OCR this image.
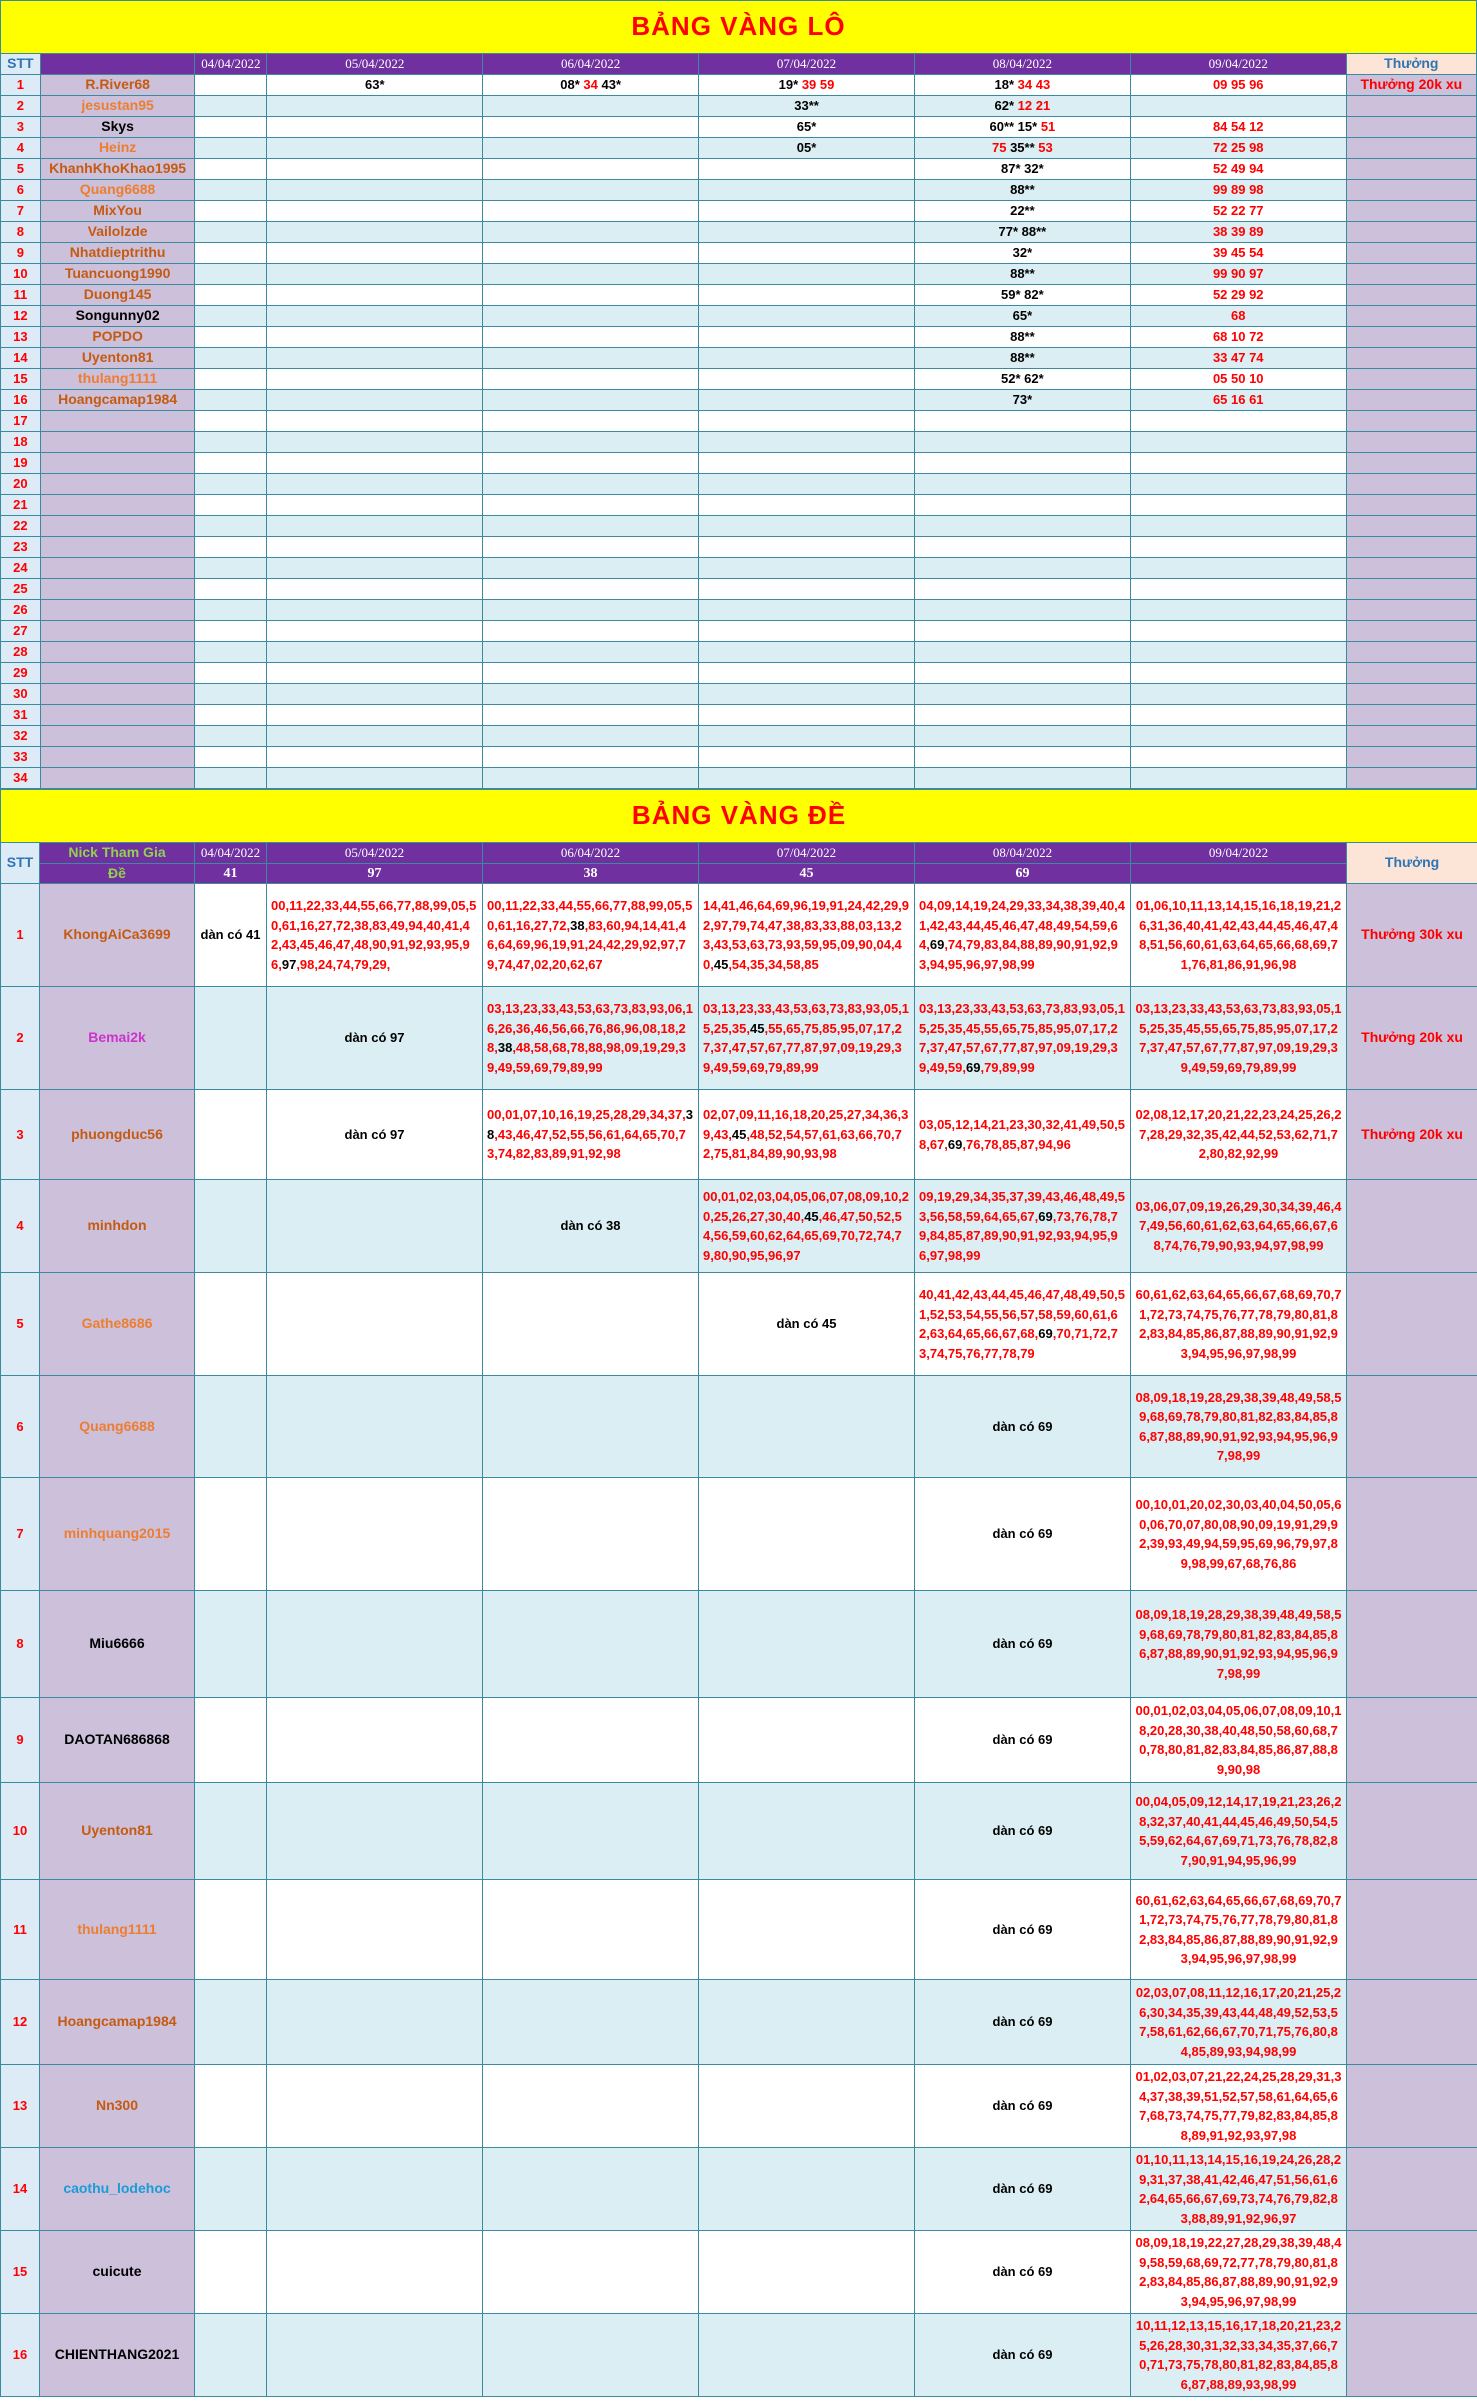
BẢNG VÀNG LÔ								
STT		04/04/2022	05/04/2022	06/04/2022	07/04/2022	08/04/2022	09/04/2022	Thưởng
1	R.River68		63*	08* 34 43*	19* 39 59	18* 34 43	09 95 96	Thưởng 20k xu
2	jesustan95				33**	62* 12 21		
3	Skys				65*	60** 15* 51	84 54 12	
4	Heinz				05*	75 35** 53	72 25 98	
5	KhanhKhoKhao1995					87* 32*	52 49 94	
6	Quang6688					88**	99 89 98	
7	MixYou					22**	52 22 77	
8	Vailolzde					77* 88**	38 39 89	
9	Nhatdieptrithu					32*	39 45 54	
10	Tuancuong1990					88**	99 90 97	
11	Duong145					59* 82*	52 29 92	
12	Songunny02					65*	68	
13	POPDO					88**	68 10 72	
14	Uyenton81					88**	33 47 74	
15	thulang1111					52* 62*	05 50 10	
16	Hoangcamap1984					73*	65 16 61	
17								
18								
19								
20								
21								
22								
23								
24								
25								
26								
27								
28								
29								
30								
31								
32								
33								
34								
BẢNG VÀNG ĐỀ								
STT	Nick Tham Gia	04/04/2022	05/04/2022	06/04/2022	07/04/2022	08/04/2022	09/04/2022	Thưởng
	Đề	41	97	38	45	69		
1	KhongAiCa3699	dàn có 41	00,11,22,33,44,55,66,77,88,99,05,50,61,16,27,72,38,83,49,94,40,41,42,43,45,46,47,48,90,91,92,93,95,96,97,98,24,74,79,29,	00,11,22,33,44,55,66,77,88,99,05,50,61,16,27,72,38,83,60,94,14,41,46,64,69,96,19,91,24,42,29,92,97,79,74,47,02,20,62,67	14,41,46,64,69,96,19,91,24,42,29,92,97,79,74,47,38,83,33,88,03,13,23,43,53,63,73,93,59,95,09,90,04,40,45,54,35,34,58,85	04,09,14,19,24,29,33,34,38,39,40,41,42,43,44,45,46,47,48,49,54,59,64,69,74,79,83,84,88,89,90,91,92,93,94,95,96,97,98,99	01,06,10,11,13,14,15,16,18,19,21,26,31,36,40,41,42,43,44,45,46,47,48,51,56,60,61,63,64,65,66,68,69,71,76,81,86,91,96,98	Thưởng 30k xu
2	Bemai2k		dàn có 97	03,13,23,33,43,53,63,73,83,93,06,16,26,36,46,56,66,76,86,96,08,18,28,38,48,58,68,78,88,98,09,19,29,39,49,59,69,79,89,99	03,13,23,33,43,53,63,73,83,93,05,15,25,35,45,55,65,75,85,95,07,17,27,37,47,57,67,77,87,97,09,19,29,39,49,59,69,79,89,99	03,13,23,33,43,53,63,73,83,93,05,15,25,35,45,55,65,75,85,95,07,17,27,37,47,57,67,77,87,97,09,19,29,39,49,59,69,79,89,99	03,13,23,33,43,53,63,73,83,93,05,15,25,35,45,55,65,75,85,95,07,17,27,37,47,57,67,77,87,97,09,19,29,39,49,59,69,79,89,99	Thưởng 20k xu
3	phuongduc56		dàn có 97	00,01,07,10,16,19,25,28,29,34,37,38,43,46,47,52,55,56,61,64,65,70,73,74,82,83,89,91,92,98	02,07,09,11,16,18,20,25,27,34,36,39,43,45,48,52,54,57,61,63,66,70,72,75,81,84,89,90,93,98	03,05,12,14,21,23,30,32,41,49,50,58,67,69,76,78,85,87,94,96	02,08,12,17,20,21,22,23,24,25,26,27,28,29,32,35,42,44,52,53,62,71,72,80,82,92,99	Thưởng 20k xu
4	minhdon			dàn có 38	00,01,02,03,04,05,06,07,08,09,10,20,25,26,27,30,40,45,46,47,50,52,54,56,59,60,62,64,65,69,70,72,74,79,80,90,95,96,97	09,19,29,34,35,37,39,43,46,48,49,53,56,58,59,64,65,67,69,73,76,78,79,84,85,87,89,90,91,92,93,94,95,96,97,98,99	03,06,07,09,19,26,29,30,34,39,46,47,49,56,60,61,62,63,64,65,66,67,68,74,76,79,90,93,94,97,98,99	
5	Gathe8686				dàn có 45	40,41,42,43,44,45,46,47,48,49,50,51,52,53,54,55,56,57,58,59,60,61,62,63,64,65,66,67,68,69,70,71,72,73,74,75,76,77,78,79	60,61,62,63,64,65,66,67,68,69,70,71,72,73,74,75,76,77,78,79,80,81,82,83,84,85,86,87,88,89,90,91,92,93,94,95,96,97,98,99	
6	Quang6688					dàn có 69	08,09,18,19,28,29,38,39,48,49,58,59,68,69,78,79,80,81,82,83,84,85,86,87,88,89,90,91,92,93,94,95,96,97,98,99	
7	minhquang2015					dàn có 69	00,10,01,20,02,30,03,40,04,50,05,60,06,70,07,80,08,90,09,19,91,29,92,39,93,49,94,59,95,69,96,79,97,89,98,99,67,68,76,86	
8	Miu6666					dàn có 69	08,09,18,19,28,29,38,39,48,49,58,59,68,69,78,79,80,81,82,83,84,85,86,87,88,89,90,91,92,93,94,95,96,97,98,99	
9	DAOTAN686868					dàn có 69	00,01,02,03,04,05,06,07,08,09,10,18,20,28,30,38,40,48,50,58,60,68,70,78,80,81,82,83,84,85,86,87,88,89,90,98	
10	Uyenton81					dàn có 69	00,04,05,09,12,14,17,19,21,23,26,28,32,37,40,41,44,45,46,49,50,54,55,59,62,64,67,69,71,73,76,78,82,87,90,91,94,95,96,99	
11	thulang1111					dàn có 69	60,61,62,63,64,65,66,67,68,69,70,71,72,73,74,75,76,77,78,79,80,81,82,83,84,85,86,87,88,89,90,91,92,93,94,95,96,97,98,99	
12	Hoangcamap1984					dàn có 69	02,03,07,08,11,12,16,17,20,21,25,26,30,34,35,39,43,44,48,49,52,53,57,58,61,62,66,67,70,71,75,76,80,84,85,89,93,94,98,99	
13	Nn300					dàn có 69	01,02,03,07,21,22,24,25,28,29,31,34,37,38,39,51,52,57,58,61,64,65,67,68,73,74,75,77,79,82,83,84,85,88,89,91,92,93,97,98	
14	caothu_lodehoc					dàn có 69	01,10,11,13,14,15,16,19,24,26,28,29,31,37,38,41,42,46,47,51,56,61,62,64,65,66,67,69,73,74,76,79,82,83,88,89,91,92,96,97	
15	cuicute					dàn có 69	08,09,18,19,22,27,28,29,38,39,48,49,58,59,68,69,72,77,78,79,80,81,82,83,84,85,86,87,88,89,90,91,92,93,94,95,96,97,98,99	
16	CHIENTHANG2021					dàn có 69	10,11,12,13,15,16,17,18,20,21,23,25,26,28,30,31,32,33,34,35,37,66,70,71,73,75,78,80,81,82,83,84,85,86,87,88,89,93,98,99	
